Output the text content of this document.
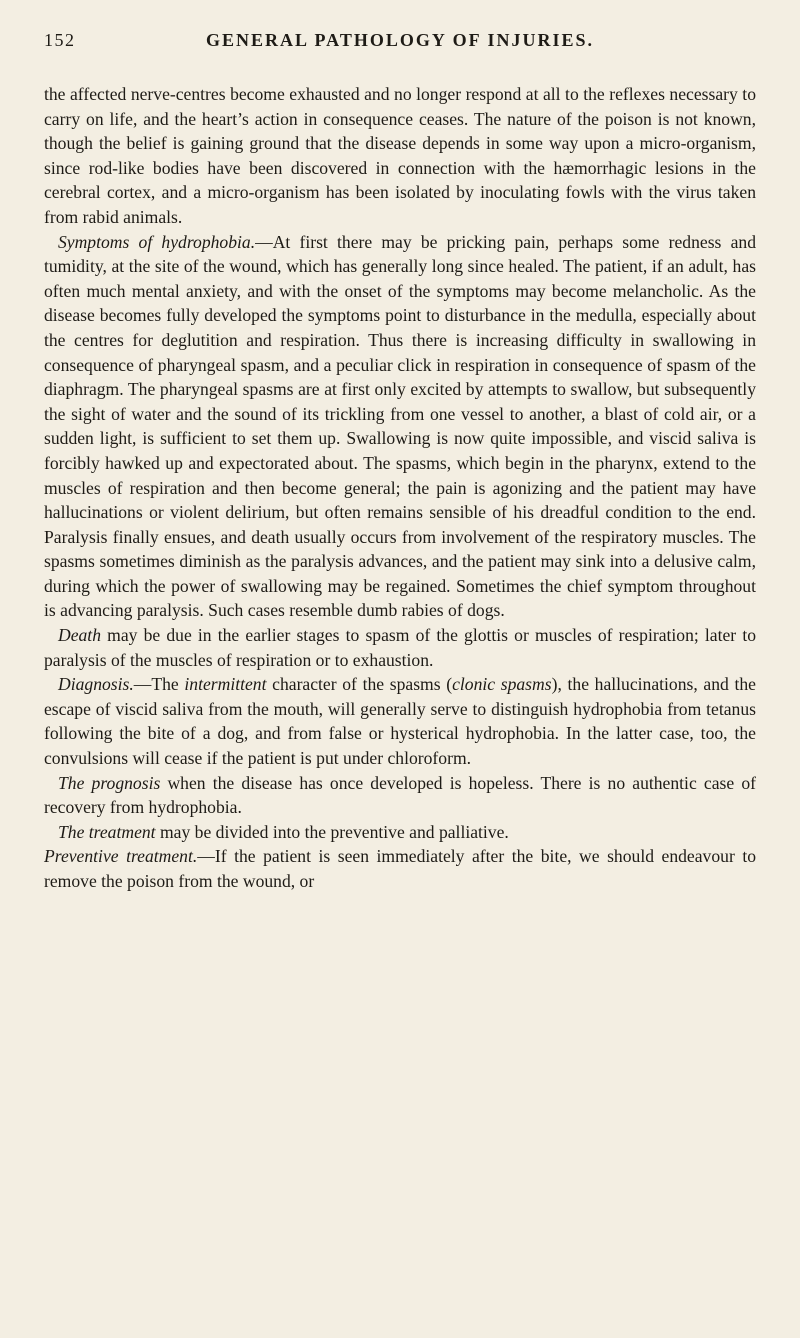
152	GENERAL PATHOLOGY OF INJURIES.

the affected nerve-centres become exhausted and no longer respond at all to the reflexes necessary to carry on life, and the heart’s action in consequence ceases. The nature of the poison is not known, though the belief is gaining ground that the disease depends in some way upon a micro-organism, since rod-like bodies have been discovered in connection with the hæmorrhagic lesions in the cerebral cortex, and a micro-organism has been isolated by inoculating fowls with the virus taken from rabid animals.

Symptoms of hydrophobia.—At first there may be pricking pain, perhaps some redness and tumidity, at the site of the wound, which has generally long since healed. The patient, if an adult, has often much mental anxiety, and with the onset of the symptoms may become melancholic. As the disease becomes fully developed the symptoms point to disturbance in the medulla, especially about the centres for deglutition and respiration. Thus there is increasing difficulty in swallowing in consequence of pharyngeal spasm, and a peculiar click in respiration in consequence of spasm of the diaphragm. The pharyngeal spasms are at first only excited by attempts to swallow, but subsequently the sight of water and the sound of its trickling from one vessel to another, a blast of cold air, or a sudden light, is sufficient to set them up. Swallowing is now quite impossible, and viscid saliva is forcibly hawked up and expectorated about. The spasms, which begin in the pharynx, extend to the muscles of respiration and then become general; the pain is agonizing and the patient may have hallucinations or violent delirium, but often remains sensible of his dreadful condition to the end. Paralysis finally ensues, and death usually occurs from involvement of the respiratory muscles. The spasms sometimes diminish as the paralysis advances, and the patient may sink into a delusive calm, during which the power of swallowing may be regained. Sometimes the chief symptom throughout is advancing paralysis. Such cases resemble dumb rabies of dogs.

Death may be due in the earlier stages to spasm of the glottis or muscles of respiration; later to paralysis of the muscles of respiration or to exhaustion.

Diagnosis.—The intermittent character of the spasms (clonic spasms), the hallucinations, and the escape of viscid saliva from the mouth, will generally serve to distinguish hydrophobia from tetanus following the bite of a dog, and from false or hysterical hydrophobia. In the latter case, too, the convulsions will cease if the patient is put under chloroform.

The prognosis when the disease has once developed is hopeless. There is no authentic case of recovery from hydrophobia.

The treatment may be divided into the preventive and palliative.

Preventive treatment.—If the patient is seen immediately after the bite, we should endeavour to remove the poison from the wound, or
